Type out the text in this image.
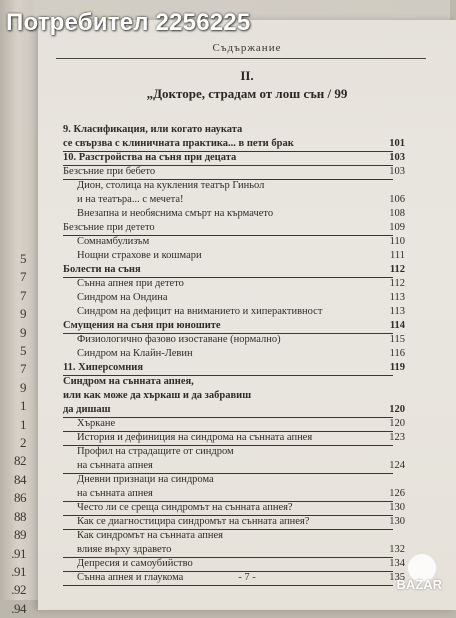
5
7
7
9
9
5
7
9
1
1
2
82
84
86
88
89
.91
.91
.92
.94
Съдържание
II.
„Докторе, страдам от лош сън / 99
9. Класификация, или когато науката
се свързва с клиничната практика... в пети брак	101
10. Разстройства на съня при децата	103
Безсъние при бебето	103
Дион, столица на кукления театър Гиньол
и на театъра... с мечета!	106
Внезапна и необяснима смърт на кърмачето	108
Безсъние при детето	109
Сомнамбулизъм	110
Нощни страхове и кошмари	111
Болести на съня	112
Сънна апнея при детето	112
Синдром на Ондина	113
Синдром на дефицит на вниманието и хиперактивност	113
Смущения на съня при юношите	114
Физиологично фазово изоставане (нормално)	115
Синдром на Клайн-Левин	116
11. Хиперсомния	119
Синдром на сънната апнея,
или как може да хъркаш и да забравиш
да дишаш	120
Хъркане	120
История и дефиниция на синдрома на сънната апнея	123
Профил на страдащите от синдром
на сънната апнея	124
Дневни признаци на синдрома
на сънната апнея	126
Често ли се среща синдромът на сънната апнея?	130
Как се диагностицира синдромът на сънната апнея?	130
Как синдромът на сънната апнея
влияе върху здравето	132
Депресия и самоубийство	134
Сънна апнея и глаукома	135
- 7 -
Потребител 2256225
BAZAR
